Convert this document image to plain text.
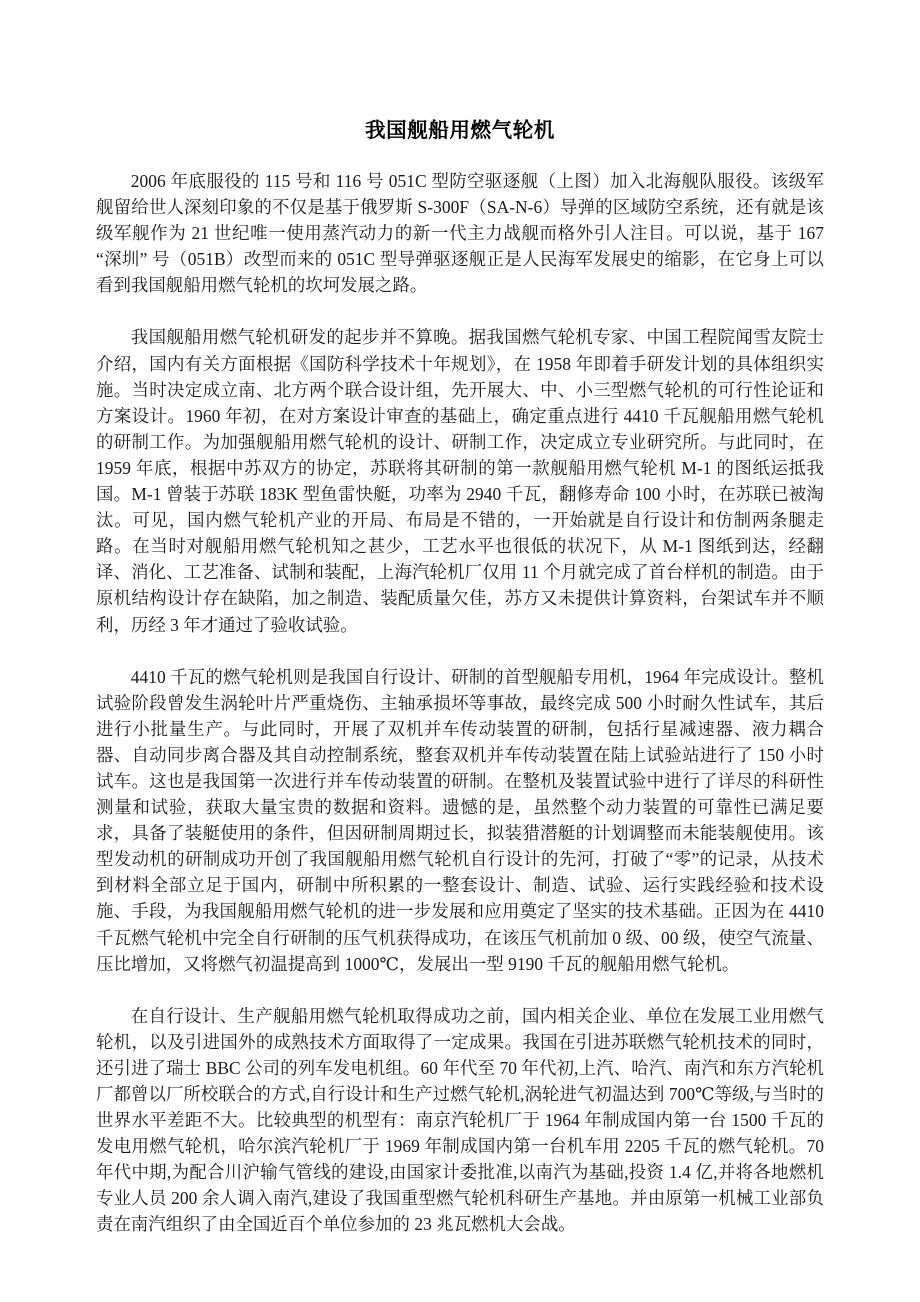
我国舰船用燃气轮机

2006 年底服役的 115 号和 116 号 051C 型防空驱逐舰（上图）加入北海舰队服役。该级军舰留给世人深刻印象的不仅是基于俄罗斯 S-300F（SA-N-6）导弹的区域防空系统，还有就是该级军舰作为 21 世纪唯一使用蒸汽动力的新一代主力战舰而格外引人注目。可以说，基于 167 “深圳” 号（051B）改型而来的 051C 型导弹驱逐舰正是人民海军发展史的缩影，在它身上可以看到我国舰船用燃气轮机的坎坷发展之路。

我国舰船用燃气轮机研发的起步并不算晚。据我国燃气轮机专家、中国工程院闻雪友院士介绍，国内有关方面根据《国防科学技术十年规划》，在 1958 年即着手研发计划的具体组织实施。当时决定成立南、北方两个联合设计组，先开展大、中、小三型燃气轮机的可行性论证和方案设计。1960 年初，在对方案设计审查的基础上，确定重点进行 4410 千瓦舰船用燃气轮机的研制工作。为加强舰船用燃气轮机的设计、研制工作，决定成立专业研究所。与此同时，在 1959 年底，根据中苏双方的协定，苏联将其研制的第一款舰船用燃气轮机 M-1 的图纸运抵我国。M-1 曾装于苏联 183K 型鱼雷快艇，功率为 2940 千瓦，翻修寿命 100 小时，在苏联已被淘汰。可见，国内燃气轮机产业的开局、布局是不错的，一开始就是自行设计和仿制两条腿走路。在当时对舰船用燃气轮机知之甚少，工艺水平也很低的状况下，从 M-1 图纸到达，经翻译、消化、工艺准备、试制和装配，上海汽轮机厂仅用 11 个月就完成了首台样机的制造。由于原机结构设计存在缺陷，加之制造、装配质量欠佳，苏方又未提供计算资料，台架试车并不顺利，历经 3 年才通过了验收试验。

4410 千瓦的燃气轮机则是我国自行设计、研制的首型舰船专用机，1964 年完成设计。整机试验阶段曾发生涡轮叶片严重烧伤、主轴承损坏等事故，最终完成 500 小时耐久性试车，其后进行小批量生产。与此同时，开展了双机并车传动装置的研制，包括行星减速器、液力耦合器、自动同步离合器及其自动控制系统，整套双机并车传动装置在陆上试验站进行了 150 小时试车。这也是我国第一次进行并车传动装置的研制。在整机及装置试验中进行了详尽的科研性测量和试验，获取大量宝贵的数据和资料。遗憾的是，虽然整个动力装置的可靠性已满足要求，具备了装艇使用的条件，但因研制周期过长，拟装猎潜艇的计划调整而未能装舰使用。该型发动机的研制成功开创了我国舰船用燃气轮机自行设计的先河，打破了“零”的记录，从技术到材料全部立足于国内，研制中所积累的一整套设计、制造、试验、运行实践经验和技术设施、手段，为我国舰船用燃气轮机的进一步发展和应用奠定了坚实的技术基础。正因为在 4410 千瓦燃气轮机中完全自行研制的压气机获得成功，在该压气机前加 0 级、00 级，使空气流量、压比增加，又将燃气初温提高到 1000℃，发展出一型 9190 千瓦的舰船用燃气轮机。

在自行设计、生产舰船用燃气轮机取得成功之前，国内相关企业、单位在发展工业用燃气轮机，以及引进国外的成熟技术方面取得了一定成果。我国在引进苏联燃气轮机技术的同时，还引进了瑞士 BBC 公司的列车发电机组。60 年代至 70 年代初,上汽、哈汽、南汽和东方汽轮机厂都曾以厂所校联合的方式,自行设计和生产过燃气轮机,涡轮进气初温达到 700℃等级,与当时的世界水平差距不大。比较典型的机型有：南京汽轮机厂于 1964 年制成国内第一台 1500 千瓦的发电用燃气轮机，哈尔滨汽轮机厂于 1969 年制成国内第一台机车用 2205 千瓦的燃气轮机。70 年代中期,为配合川沪输气管线的建设,由国家计委批准,以南汽为基础,投资 1.4 亿,并将各地燃机专业人员 200 余人调入南汽,建设了我国重型燃气轮机科研生产基地。并由原第一机械工业部负责在南汽组织了由全国近百个单位参加的 23 兆瓦燃机大会战。
